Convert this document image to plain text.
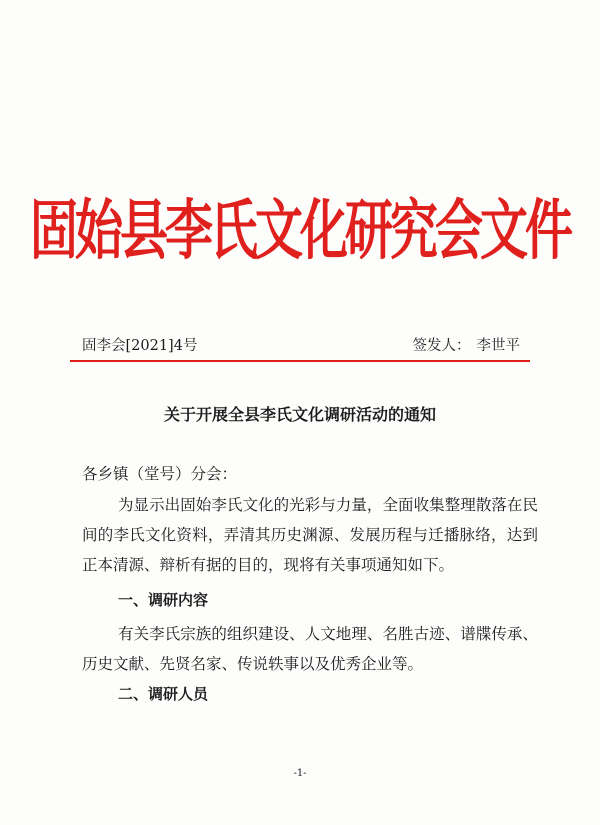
固始县李氏文化研究会文件
固李会[2021]4号	签发人： 李世平
关于开展全县李氏文化调研活动的通知
各乡镇（堂号）分会：
为显示出固始李氏文化的光彩与力量，全面收集整理散落在民间的李氏文化资料，弄清其历史渊源、发展历程与迁播脉络，达到正本清源、辩析有据的目的，现将有关事项通知如下。
一、调研内容
有关李氏宗族的组织建设、人文地理、名胜古迹、谱牒传承、历史文献、先贤名家、传说轶事以及优秀企业等。
二、调研人员
-1-
